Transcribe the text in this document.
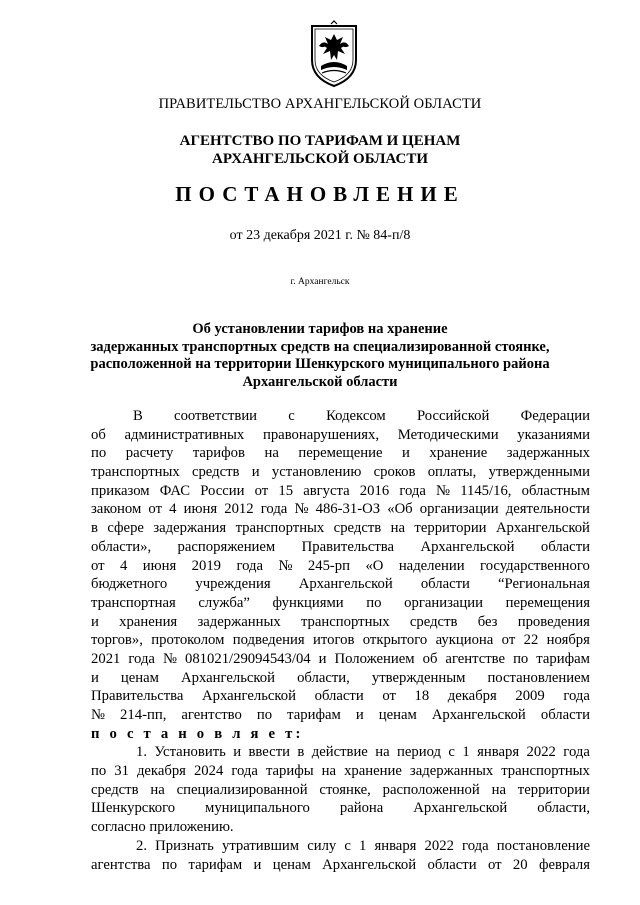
ПРАВИТЕЛЬСТВО АРХАНГЕЛЬСКОЙ ОБЛАСТИ
АГЕНТСТВО ПО ТАРИФАМ И ЦЕНАМ
АРХАНГЕЛЬСКОЙ ОБЛАСТИ
ПОСТАНОВЛЕНИЕ
от 23 декабря 2021 г. № 84-п/8
г. Архангельск
Об установлении тарифов на хранение
задержанных транспортных средств на специализированной стоянке,
расположенной на территории Шенкурского муниципального района
Архангельской области
В соответствии с Кодексом Российской Федерации
об административных правонарушениях, Методическими указаниями
по расчету тарифов на перемещение и хранение задержанных
транспортных средств и установлению сроков оплаты, утвержденными
приказом ФАС России от 15 августа 2016 года № 1145/16, областным
законом от 4 июня 2012 года № 486-31-ОЗ «Об организации деятельности
в сфере задержания транспортных средств на территории Архангельской
области», распоряжением Правительства Архангельской области
от 4 июня 2019 года № 245-рп «О наделении государственного
бюджетного учреждения Архангельской области “Региональная
транспортная служба” функциями по организации перемещения
и хранения задержанных транспортных средств без проведения
торгов», протоколом подведения итогов открытого аукциона от 22 ноября
2021 года № 081021/29094543/04 и Положением об агентстве по тарифам
и ценам Архангельской области, утвержденным постановлением
Правительства Архангельской области от 18 декабря 2009 года
№ 214-пп, агентство по тарифам и ценам Архангельской области
п о с т а н о в л я е т:
1. Установить и ввести в действие на период с 1 января 2022 года
по 31 декабря 2024 года тарифы на хранение задержанных транспортных
средств на специализированной стоянке, расположенной на территории
Шенкурского муниципального района Архангельской области,
согласно приложению.
2. Признать утратившим силу с 1 января 2022 года постановление
агентства по тарифам и ценам Архангельской области от 20 февраля
